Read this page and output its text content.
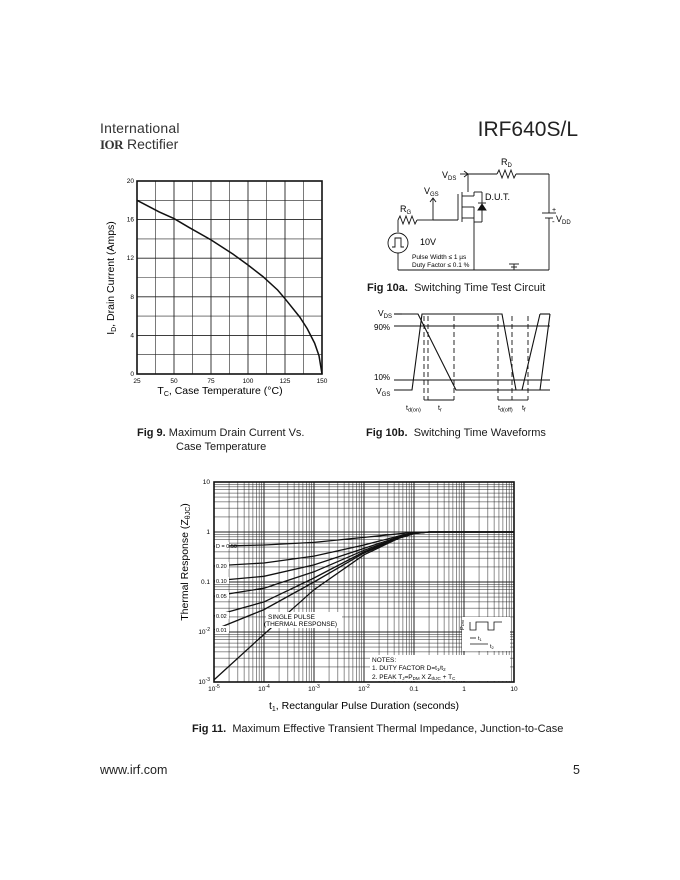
International
IOR Rectifier
IRF640S/L
25	50	75	100	125	150
0
4
8
12
16
20
TC, Case Temperature (°C)
ID, Drain Current (Amps)
Fig 9. Maximum Drain Current Vs.
Case Temperature
$V_{DS}$
$R_D$
$V_{GS}$	D.U.T.
$R_G$	+
- $V_{DD}$
10V
Pulse Width ≤ 1 µs
Duty Factor ≤ 0.1 %
Fig 10a. Switching Time Test Circuit
$V_{DS}$
90%
10%
$V_{GS}$
$t_{d(on)}$ $t_r$	$t_{d(off)}$ $t_f$
Fig 10b. Switching Time Waveforms
$10^{-5}$	$10^{-4}$	$10^{-3}$	$10^{-2}$	0.1	1	10
10
1
0.1
$10^{-2}$
$10^{-3}$
D = 0.50
0.20
0.10
0.05
0.02
0.01
SINGLE PULSE
(THERMAL RESPONSE)
PDM
t1
t2
NOTES:
1. DUTY FACTOR D=t1/t2
2. PEAK TJ=PDM X ZthJC + TC
t1, Rectangular Pulse Duration (seconds)
Thermal Response (ZθJC)
Fig 11. Maximum Effective Transient Thermal Impedance, Junction-to-Case
www.irf.com	5
